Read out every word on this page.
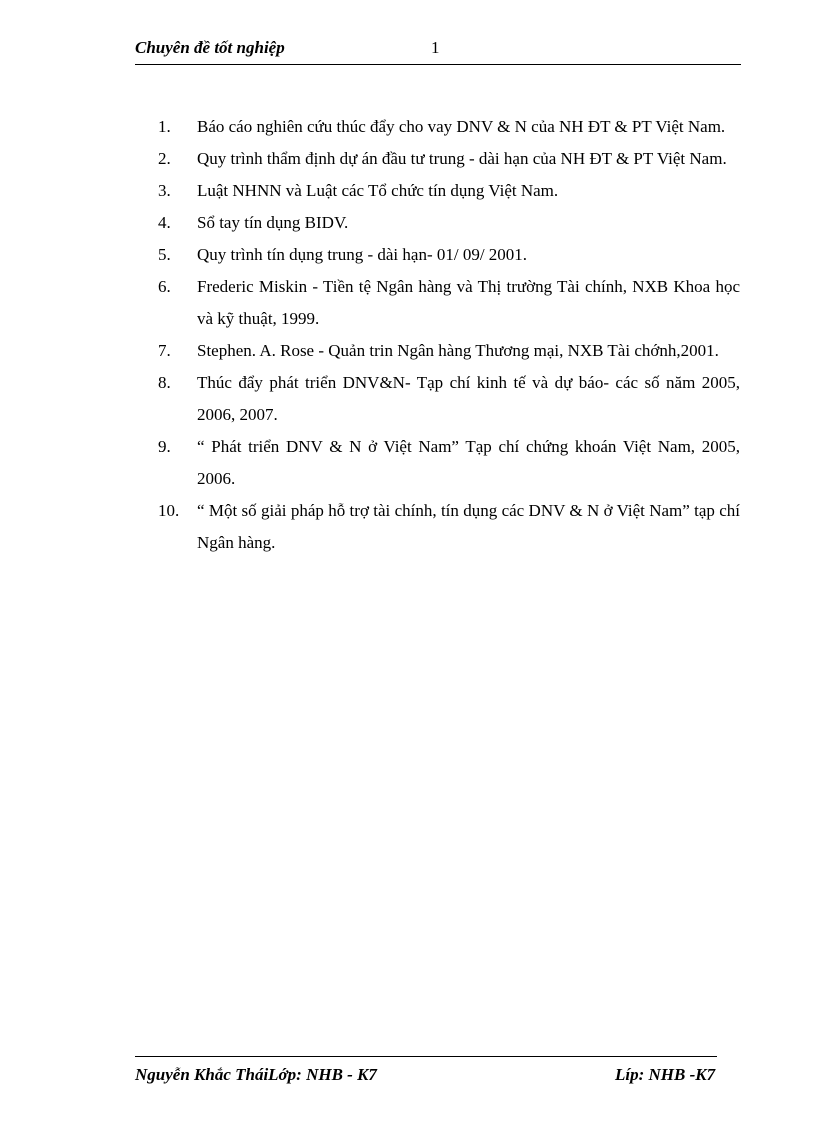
Chuyên đề tốt nghiệp	1
1.	Báo cáo nghiên cứu thúc đẩy cho vay DNV & N của NH ĐT & PT Việt Nam.
2.	Quy trình thẩm định dự án đầu tư trung - dài hạn của NH ĐT & PT Việt Nam.
3.	Luật NHNN và Luật các Tổ chức tín dụng Việt Nam.
4.	Sổ tay tín dụng BIDV.
5.	Quy trình tín dụng trung - dài hạn- 01/ 09/ 2001.
6.	Frederic Miskin - Tiền tệ Ngân hàng và Thị trường Tài chính, NXB Khoa học và kỹ thuật, 1999.
7.	Stephen. A. Rose - Quản trin Ngân hàng Thương mại, NXB Tài chớnh,2001.
8.	Thúc đẩy phát triển DNV&N- Tạp chí kinh tế và dự báo- các số năm 2005, 2006, 2007.
9.	“ Phát triển DNV & N ở Việt Nam” Tạp chí chứng khoán Việt Nam, 2005, 2006.
10.	“ Một số giải pháp hỗ trợ tài chính, tín dụng các DNV & N ở Việt Nam” tạp chí Ngân hàng.
Nguyễn Khắc TháiLớp: NHB - K7	Líp: NHB -K7
